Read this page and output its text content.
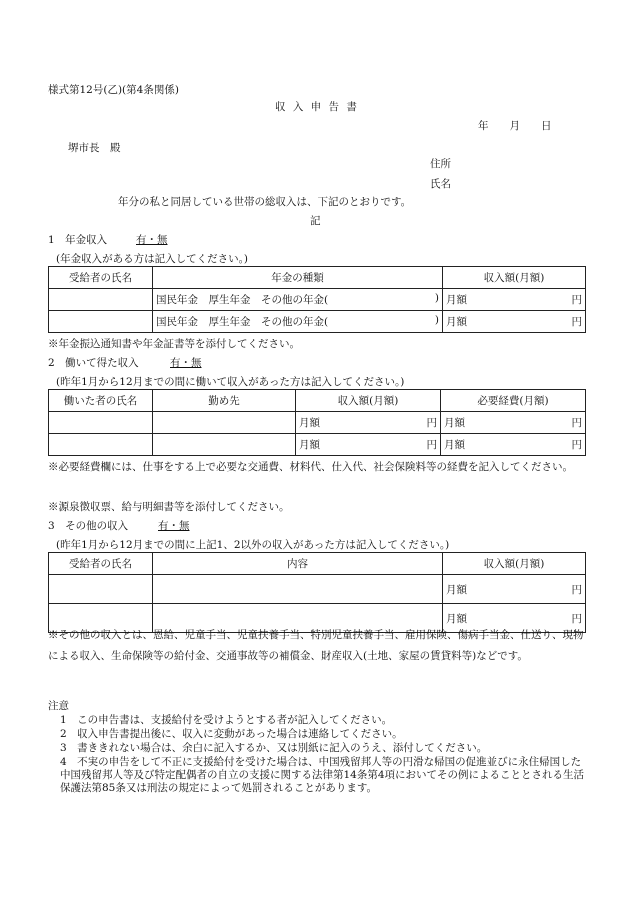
様式第12号(乙)(第4条関係)
収 入 申 告 書
年　　月　　日
堺市長　殿
住所
氏名
年分の私と同居している世帯の総収入は、下記のとおりです。
記
1　年金収入	有・無
(年金収入がある方は記入してください。)
受給者の氏名	年金の種類	収入額(月額)

	国民年金　厚生年金　その他の年金( )	月額 円

	国民年金　厚生年金　その他の年金( )	月額 円
※年金振込通知書や年金証書等を添付してください。
2　働いて得た収入	有・無
(昨年1月から12月までの間に働いて収入があった方は記入してください。)
働いた者の氏名	勤め先	収入額(月額)	必要経費(月額)

		月額 円	月額 円

		月額 円	月額 円
※必要経費欄には、仕事をする上で必要な交通費、材料代、仕入代、社会保険料等の経費を記入してください。
※源泉徴収票、給与明細書等を添付してください。
3　その他の収入	有・無
(昨年1月から12月までの間に上記1、2以外の収入があった方は記入してください。)
受給者の氏名	内容	収入額(月額)

		月額 円

		月額 円
※その他の収入とは、恩給、児童手当、児童扶養手当、特別児童扶養手当、雇用保険、傷病手当金、仕送り、現物による収入、生命保険等の給付金、交通事故等の補償金、財産収入(土地、家屋の賃貸料等)などです。
注意
1　この申告書は、支援給付を受けようとする者が記入してください。
2　収入申告書提出後に、収入に変動があった場合は連絡してください。
3　書ききれない場合は、余白に記入するか、又は別紙に記入のうえ、添付してください。
4　不実の申告をして不正に支援給付を受けた場合は、中国残留邦人等の円滑な帰国の促進並びに永住帰国した中国残留邦人等及び特定配偶者の自立の支援に関する法律第14条第4項においてその例によることとされる生活保護法第85条又は刑法の規定によって処罰されることがあります。
